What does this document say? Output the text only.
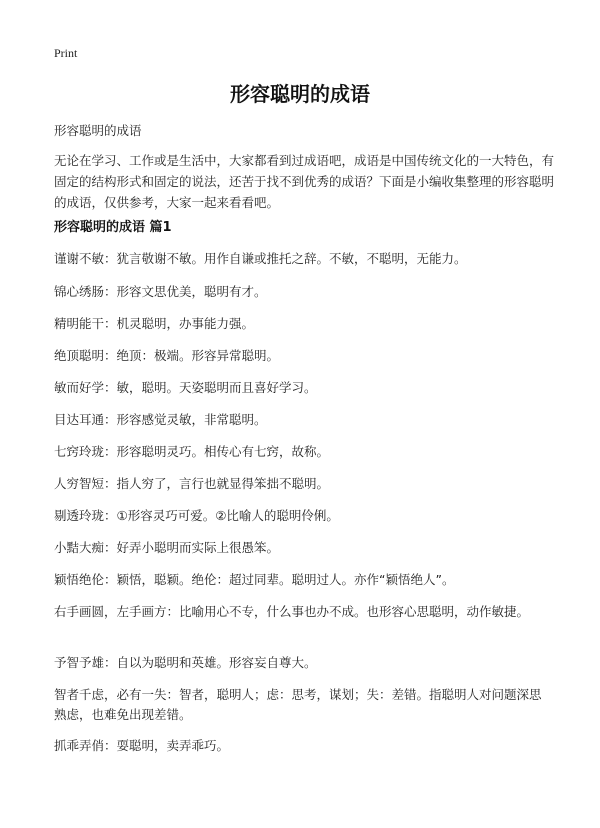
Print
形容聪明的成语
形容聪明的成语
无论在学习、工作或是生活中，大家都看到过成语吧，成语是中国传统文化的一大特色，有固定的结构形式和固定的说法，还苦于找不到优秀的成语？下面是小编收集整理的形容聪明的成语，仅供参考，大家一起来看看吧。
形容聪明的成语 篇1
谨谢不敏：犹言敬谢不敏。用作自谦或推托之辞。不敏，不聪明，无能力。
锦心绣肠：形容文思优美，聪明有才。
精明能干：机灵聪明，办事能力强。
绝顶聪明：绝顶：极端。形容异常聪明。
敏而好学：敏，聪明。天姿聪明而且喜好学习。
目达耳通：形容感觉灵敏，非常聪明。
七窍玲珑：形容聪明灵巧。相传心有七窍，故称。
人穷智短：指人穷了，言行也就显得笨拙不聪明。
剔透玲珑：①形容灵巧可爱。②比喻人的聪明伶俐。
小黠大痴：好弄小聪明而实际上很愚笨。
颖悟绝伦：颖悟，聪颖。绝伦：超过同辈。聪明过人。亦作“颖悟绝人”。
右手画圆，左手画方：比喻用心不专，什么事也办不成。也形容心思聪明，动作敏捷。
予智予雄：自以为聪明和英雄。形容妄自尊大。
智者千虑，必有一失：智者，聪明人；虑：思考，谋划；失：差错。指聪明人对问题深思熟虑，也难免出现差错。
抓乖弄俏：耍聪明，卖弄乖巧。
